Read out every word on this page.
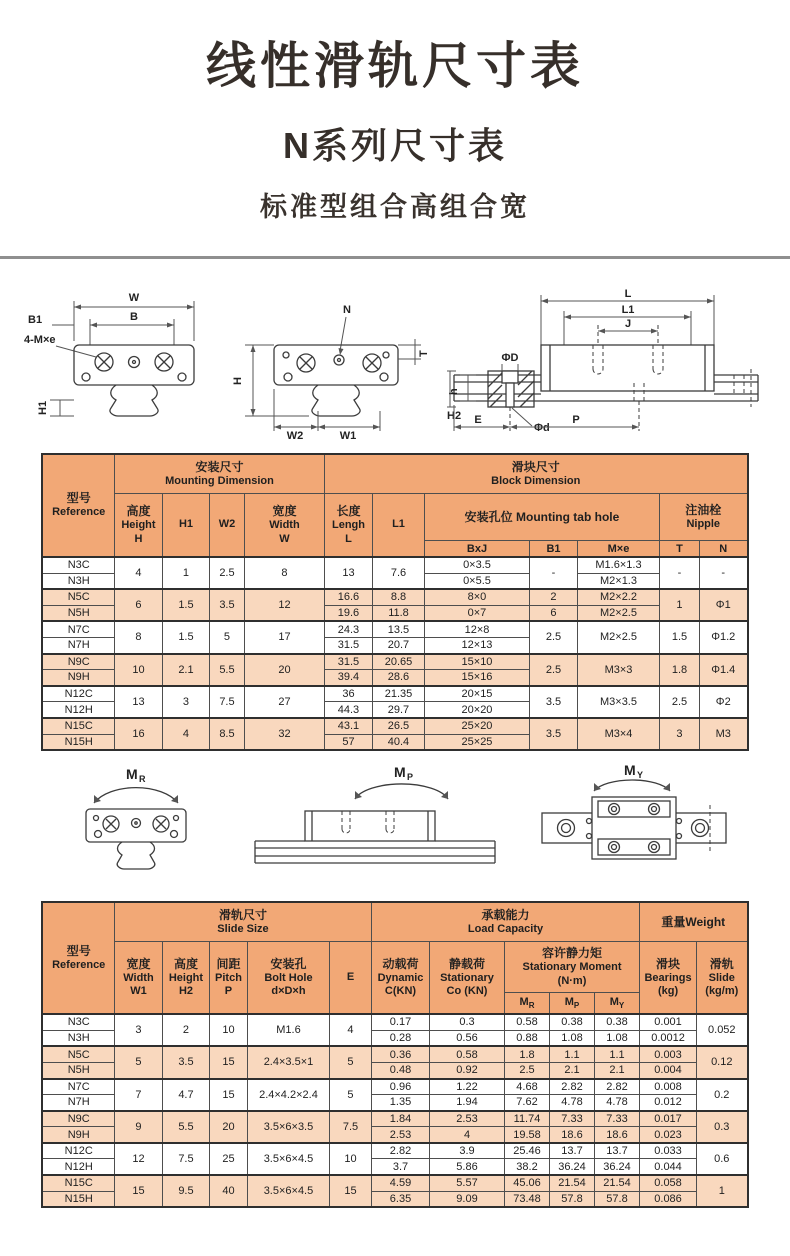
线性滑轨尺寸表
N系列尺寸表
标准型组合高组合宽
W
B
B1
4-M×e
H1
N
T
H
W2	W1
L
L1
J
ΦD
Φd
h
H2 E	P
型号
Reference

安装尺寸
Mounting Dimension

滑块尺寸
Block Dimension

高度
Height
H

H1	W2

宽度
Width
W

长度
Lengh
L

L1

安装孔位 Mounting tab hole	注油栓
Nipple

							BxJ	B1	M×e	T	N
N3C	4	1	2.5	8	13	7.6	0×3.5	-	M1.6×1.3	-	-
N3H							0×5.5		M2×1.3		
N5C	6	1.5	3.5	12	16.6	8.8	8×0	2	M2×2.2	1	Φ1
N5H					19.6	11.8	0×7	6	M2×2.5		
N7C	8	1.5	5	17	24.3	13.5	12×8	2.5	M2×2.5	1.5	Φ1.2
N7H					31.5	20.7	12×13				
N9C	10	2.1	5.5	20	31.5	20.65	15×10	2.5	M3×3	1.8	Φ1.4
N9H					39.4	28.6	15×16				
N12C	13	3	7.5	27	36	21.35	20×15	3.5	M3×3.5	2.5	Φ2
N12H					44.3	29.7	20×20				
N15C	16	4	8.5	32	43.1	26.5	25×20	3.5	M3×4	3	M3
N15H					57	40.4	25×25				
M R	M P	M Y
型号
Reference

滑轨尺寸
Slide Size

承载能力
Load Capacity

重量Weight

宽度
Width
W1

高度
Height
H2

间距
Pitch
P

安装孔
Bolt Hole
d×D×h

E

动载荷
Dynamic
C(KN)

静载荷
Stationary
Co (KN)

容许静力矩
Stationary Moment
(N·m)

滑块
Bearings
(kg)

滑轨
Slide
(kg/m)

								$M_R$	$M_P$	$M_Y$
N3C	3	2	10	M1.6	4	0.17	0.3	0.58	0.38	0.38	0.001	0.052
N3H						0.28	0.56	0.88	1.08	1.08	0.0012	
N5C	5	3.5	15	2.4×3.5×1	5	0.36	0.58	1.8	1.1	1.1	0.003	0.12
N5H						0.48	0.92	2.5	2.1	2.1	0.004	
N7C	7	4.7	15	2.4×4.2×2.4	5	0.96	1.22	4.68	2.82	2.82	0.008	0.2
N7H						1.35	1.94	7.62	4.78	4.78	0.012	
N9C	9	5.5	20	3.5×6×3.5	7.5	1.84	2.53	11.74	7.33	7.33	0.017	0.3
N9H						2.53	4	19.58	18.6	18.6	0.023	
N12C	12	7.5	25	3.5×6×4.5	10	2.82	3.9	25.46	13.7	13.7	0.033	0.6
N12H						3.7	5.86	38.2	36.24	36.24	0.044	
N15C	15	9.5	40	3.5×6×4.5	15	4.59	5.57	45.06	21.54	21.54	0.058	1
N15H						6.35	9.09	73.48	57.8	57.8	0.086	
